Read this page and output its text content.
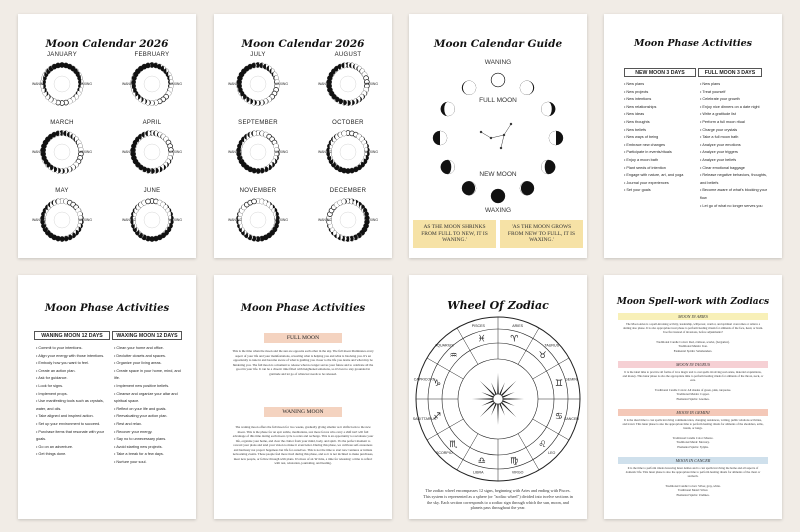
Moon Calendar 2026
JANUARY
WANING	WAXING
FEBRUARY
WANING	WAXING
MARCH
WANING	WAXING
APRIL
WANING	WAXING
MAY
WANING	WAXING
JUNE
WANING	WAXING
Moon Calendar 2026
JULY
WANING	WAXING
AUGUST
WANING	WAXING
SEPTEMBER
WANING	WAXING
OCTOBER
WANING	WAXING
NOVEMBER
WANING	WAXING
DECEMBER
WANING	WAXING
Moon Calendar Guide
WANING
FULL MOON
NEW MOON
WAXING
AS THE MOON SHRINKS FROM FULL TO NEW, IT IS WANING.'
'AS THE MOON GROWS FROM NEW TO FULL, IT IS WAXING.'
Moon Phase Activities
NEW MOON 3 DAYS	FULL MOON 3 DAYS
• New plans
• New projects
• New intentions
• New relationships
• New ideas
• New thoughts
• New beliefs
• New ways of being
• Embrace new changes
• Participate in events/rituals
• Enjoy a moon bath
• Plant seeds of intention
• Engage with nature, art, and yoga
• Journal your experiences
• Set your goals
• New plans
• Treat yourself
• Celebrate your growth
• Enjoy nice dinners on a date night
• Write a gratitude list
• Perform a full moon ritual
• Charge your crystals
• Take a full moon bath
• Analyze your emotions
• Analyze your triggers
• Analyze your beliefs
• Clear emotional baggage
• Release negative behaviors, thoughts, and beliefs
• Become aware of what's blocking your flow
• Let go of what no longer serves you
Moon Phase Activities
WANING MOON 12 DAYS	WAXING MOON 12 DAYS
• Commit to your intentions.
• Align your energy with those intentions.
• Embody how you want to feel.
• Create an action plan.
• Ask for guidance.
• Look for signs.
• Implement props.
• Use manifesting tools such as crystals, water, and oils.
• Take aligned and inspired action.
• Set up your environment to succeed.
• Purchase items that resonate with your goals.
• Go on an adventure.
• Get things done.
• Clean your home and office.
• Declutter closets and spaces.
• Organize your living areas.
• Create space in your home, mind, and life.
• Implement new positive beliefs.
• Cleanse and organize your altar and spiritual space.
• Reflect on your life and goals.
• Reevaluating your action plan.
• Rest and relax.
• Recover your energy.
• Say no to unnecessary plans.
• Avoid starting new projects.
• Take a break for a few days.
• Nurture your soul.
Moon Phase Activities
FULL MOON
This is the time when the moon and the sun are opposite each other in the sky. The full moon illuminates every aspect of your life and your manifestations, revealing what is helping you and what is blocking you. It's an opportunity to tune in and become aware of what is guiding you closer to the life you desire and what may be hindering you. The full moon is a moment to release what no longer serves your future and to celebrate all the good in your life. It can be a chaotic time filled with heightened emotions, so it's best to stay grounded in gratitude and let go of whatever needs to be released.
WANING MOON
The waning moon offers the full moon for two weeks, gradually giving smaller as it shifts back to the new moon. This is the phase for an epic subtle, meditations, rest more forces who carry a shift isn't will full advantage of this time during each moon cycle to relax and recharge. This is an opportunity to reevaluate your life, organize your home, and clear the clutter from your mind, body, and spirit. It's the perfect moment to reward your plans and tend your vision to make it even better. During this phase, we cultivate self-awareness and harmony not project happiness but life for ourselves. This is not the time to start new ventures or initiate networking events. These people feel more tired during this phase, and so it is not inclined to make purchases, meet new people, or follow through with plans. It's more of an 'in' time, a time for releasing: a time to reflect with rest, relaxation, journaling, and healing.
Wheel Of Zodiac
ARIES
♈
TAURUS
♉
GEMINI
♊
CANCER
♋
LEO
♌
VIRGO
♍
LIBRA
♎
SCORPIO
♏
SAGITTARIUS
♐
CAPRICORN
♑
AQUARIUS
♒
PISCES
♓
The zodiac wheel encompasses 12 signs, beginning with Aries and ending with Pisces. This system is represented as a sphere (or "zodiac wheel") divided into twelve sections in the sky. Each section corresponds to a zodiac sign through which the sun, moon, and planets pass throughout the year.
Moon Spell-work with Zodiacs
MOON IN ARIES
The Moon Aries is a spell-invoking activity, leadership, willpower, warrior, and spiritual overcomes or relieve a darting also phase. It is also appropriate treat phase to perform healing rituals for ailments of the face, head, or brain. Use fire instead of invasions, before adjustments?
Traditional Candle Colors: Red, crimson, scarlet, (bergamot).
Traditional Metals: Iron.
Elemental Spirits: Salamanders.
MOON IN TAURUS
It is the ideal time to practice all forms of love magic and to cast spells involving real estate, material acquisitions, and money. This lunar phase is also the appropriate time to perform healing rituals for ailments of the throat, neck, or ears.
Traditional Candle Colors: All shades of green, pink, turquoise.
Traditional Metals: Copper.
Elemental Spirits: Gnomes.
MOON IN GEMINI
It is the ideal time to cast spells involving communication, changing residences, writing, public relations activities, and travel. This lunar phase is also the appropriate time to perform healing rituals for ailments of the shoulders, arms, hands, or lungs.
Traditional Candle Color: Mauve.
Traditional Metal: Mercury.
Elemental Spirits: Sylphs.
MOON IN CANCER
It is the time to perform rituals honoring lunar deities and to cast spells involving the home and all aspects of domestic life. This lunar phase is also the appropriate time to perform healing rituals for ailments of the chest or stomach.
Traditional Candle Colors: Silver, gray, white.
Traditional Metal: Silver.
Elemental Spirits: Undines.
